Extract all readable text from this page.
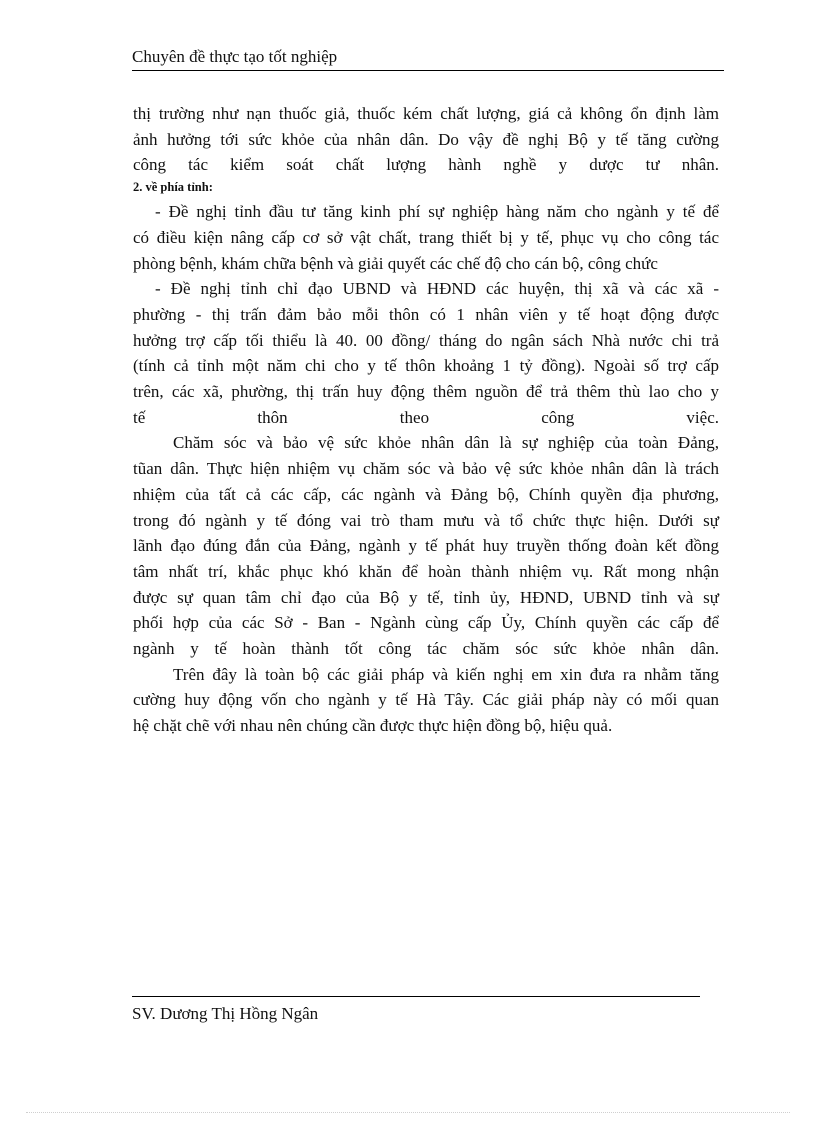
Chuyên đề thực tạo tốt nghiệp

thị trường như nạn thuốc giả, thuốc kém chất lượng, giá cả không ổn định làm

ảnh hưởng tới sức khỏe của nhân dân. Do vậy đề nghị Bộ y tế tăng cường

công tác kiểm soát chất lượng hành nghề y dược tư nhân.

2. về phía tỉnh:

- Đề nghị tỉnh đầu tư tăng kinh phí sự nghiệp hàng năm cho ngành y tế để

có điều kiện nâng cấp cơ sở vật chất, trang thiết bị y tế, phục vụ cho công tác

phòng bệnh, khám chữa bệnh và giải quyết các chế độ cho cán bộ, công chức

- Đề nghị tỉnh chỉ đạo UBND và HĐND các huyện, thị xã và các xã -

phường - thị trấn đảm bảo mỗi thôn có 1 nhân viên y tế hoạt động được

hưởng trợ cấp tối thiểu là 40. 00 đồng/ tháng do ngân sách Nhà nước chi trả

(tính cả tỉnh một năm chi cho y tế thôn khoảng 1 tỷ đồng). Ngoài số trợ cấp

trên, các xã, phường, thị trấn huy động thêm nguồn để trả thêm thù lao cho y

tế thôn theo công việc.

Chăm sóc và bảo vệ sức khỏe nhân dân là sự nghiệp của toàn Đảng,

tũan dân. Thực hiện nhiệm vụ chăm sóc và bảo vệ sức khỏe nhân dân là trách

nhiệm của tất cả các cấp, các ngành và Đảng bộ, Chính quyền địa phương,

trong đó ngành y tế đóng vai trò tham mưu và tổ chức thực hiện. Dưới sự

lãnh đạo đúng đắn của Đảng, ngành y tế phát huy truyền thống đoàn kết đồng

tâm nhất trí, khắc phục khó khăn để hoàn thành nhiệm vụ. Rất mong nhận

được sự quan tâm chỉ đạo của Bộ y tế, tỉnh ủy, HĐND, UBND tỉnh và sự

phối hợp của các Sở - Ban - Ngành cùng cấp Ủy, Chính quyền các cấp để

ngành y tế hoàn thành tốt công tác chăm sóc sức khỏe nhân dân.

Trên đây là toàn bộ các giải pháp và kiến nghị em xin đưa ra nhằm tăng

cường huy động vốn cho ngành y tế Hà Tây. Các giải pháp này có mối quan

hệ chặt chẽ với nhau nên chúng cần được thực hiện đồng bộ, hiệu quả.

SV. Dương Thị Hồng Ngân
